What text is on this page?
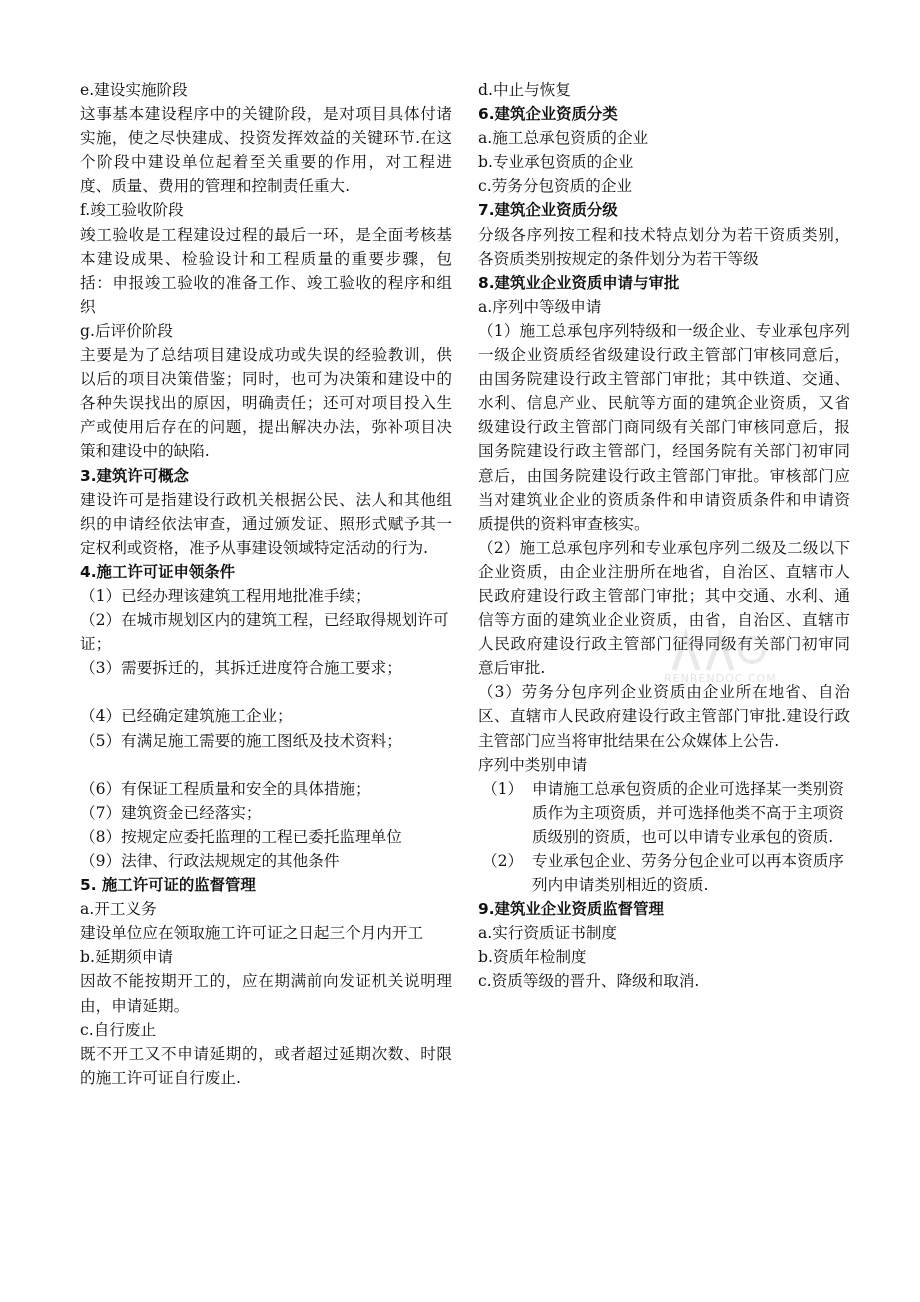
e.建设实施阶段

这事基本建设程序中的关键阶段，是对项目具体付诸实施，使之尽快建成、投资发挥效益的关键环节.在这个阶段中建设单位起着至关重要的作用，对工程进度、质量、费用的管理和控制责任重大.

f.竣工验收阶段

竣工验收是工程建设过程的最后一环，是全面考核基本建设成果、检验设计和工程质量的重要步骤，包括：申报竣工验收的准备工作、竣工验收的程序和组织

g.后评价阶段

主要是为了总结项目建设成功或失误的经验教训，供以后的项目决策借鉴；同时，也可为决策和建设中的各种失误找出的原因，明确责任；还可对项目投入生产或使用后存在的问题，提出解决办法，弥补项目决策和建设中的缺陷.

3.建筑许可概念

建设许可是指建设行政机关根据公民、法人和其他组织的申请经依法审查，通过颁发证、照形式赋予其一定权利或资格，准予从事建设领域特定活动的行为.

4.施工许可证申领条件

（1）已经办理该建筑工程用地批准手续；

（2）在城市规划区内的建筑工程，已经取得规划许可证；

（3）需要拆迁的，其拆迁进度符合施工要求；

（4）已经确定建筑施工企业；

（5）有满足施工需要的施工图纸及技术资料；

（6）有保证工程质量和安全的具体措施；

（7）建筑资金已经落实；

（8）按规定应委托监理的工程已委托监理单位

（9）法律、行政法规规定的其他条件

5. 施工许可证的监督管理

a.开工义务

建设单位应在领取施工许可证之日起三个月内开工

b.延期须申请

因故不能按期开工的，应在期满前向发证机关说明理由，申请延期。

c.自行废止

既不开工又不申请延期的，或者超过延期次数、时限的施工许可证自行废止.

d.中止与恢复

6.建筑企业资质分类

a.施工总承包资质的企业

b.专业承包资质的企业

c.劳务分包资质的企业

7.建筑企业资质分级

分级各序列按工程和技术特点划分为若干资质类别，各资质类别按规定的条件划分为若干等级

8.建筑业企业资质申请与审批

a.序列中等级申请

（1）施工总承包序列特级和一级企业、专业承包序列一级企业资质经省级建设行政主管部门审核同意后，由国务院建设行政主管部门审批；其中铁道、交通、水利、信息产业、民航等方面的建筑企业资质，又省级建设行政主管部门商同级有关部门审核同意后，报国务院建设行政主管部门，经国务院有关部门初审同意后，由国务院建设行政主管部门审批。审核部门应当对建筑业企业的资质条件和申请资质条件和申请资质提供的资料审查核实。

（2）施工总承包序列和专业承包序列二级及二级以下企业资质，由企业注册所在地省，自治区、直辖市人民政府建设行政主管部门审批；其中交通、水利、通信等方面的建筑业企业资质，由省，自治区、直辖市人民政府建设行政主管部门征得同级有关部门初审同意后审批.

（3）劳务分包序列企业资质由企业所在地省、自治区、直辖市人民政府建设行政主管部门审批.建设行政主管部门应当将审批结果在公众媒体上公告.

序列中类别申请

（1） 申请施工总承包资质的企业可选择某一类别资质作为主项资质，并可选择他类不高于主项资质级别的资质，也可以申请专业承包的资质.
（2） 专业承包企业、劳务分包企业可以再本资质序列内申请类别相近的资质.

9.建筑业企业资质监督管理

a.实行资质证书制度

b.资质年检制度

c.资质等级的晋升、降级和取消.

RENRENDOC.COM
